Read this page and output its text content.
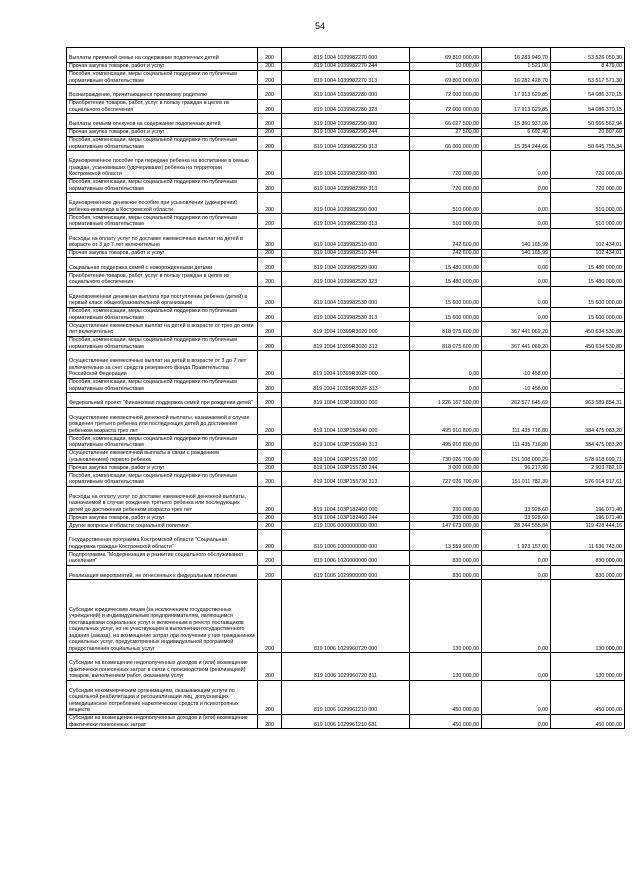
54
Выплаты приемной семье на содержание подопечных детей	200	819 1004 1039982270 000	69 810 000,00	16 283 949,70	53 526 050,30
Прочая закупка товаров, работ и услуг	200	819 1004 1039982270 244	10 000,00	1 521,00	8 479,00
Пособия, компенсации, меры социальной поддержки по публичным нормативным обязательствам	200	819 1004 1039982270 313	69 800 000,00	16 282 428,70	53 517 571,30
Вознаграждение, причитающееся приемному родителю	200	819 1004 1039982280 000	72 000 000,00	17 913 629,85	54 086 370,15
Приобретение товаров, работ, услуг в пользу граждан в целях их социального обеспечения	200	819 1004 1039982280 323	72 000 000,00	17 913 629,85	54 086 370,15
Выплаты семьям опекунов на содержание подопечных детей	200	819 1004 1039982290 000	66 027 500,00	15 360 937,06	50 666 562,94
Прочая закупка товаров, работ и услуг	200	819 1004 1039982290 244	27 500,00	6 692,40	20 807,60
Пособия, компенсации, меры социальной поддержки по публичным нормативным обязательствам	200	819 1004 1039982290 313	66 000 000,00	15 354 244,66	50 645 755,34
Единовременное пособие при передаче ребенка на воспитание в семью граждан, усыновивших (удочеривших) ребенка на территории Костромской области	200	819 1004 1039982360 000	720 000,00	0,00	720 000,00
Пособия, компенсации, меры социальной поддержки по публичным нормативным обязательствам	200	819 1004 1039982360 313	720 000,00	0,00	720 000,00
Единовременное денежное пособие при усыновлении (удочерении) ребенка-инвалида в Костромской области	200	819 1004 1039982390 000	510 000,00	0,00	510 000,00
Пособия, компенсации, меры социальной поддержки по публичным нормативным обязательствам	200	819 1004 1039982390 313	510 000,00	0,00	510 000,00
Расходы на оплату услуг по доставке ежемесячных выплат на детей в возрасте от 3 до 7 лет включительно	200	819 1004 1039982510 000	242 600,00	140 165,99	102 434,01
Прочая закупка товаров, работ и услуг	200	819 1004 1039982510 244	242 600,00	140 165,99	102 434,01
Социальная поддержка семей с новорожденными детьми	200	819 1004 1039982520 000	15 480 000,00	0,00	15 480 000,00
Приобретение товаров, работ, услуг в пользу граждан в целях их социального обеспечения	200	819 1004 1039982520 323	15 480 000,00	0,00	15 480 000,00
Единовременная денежная выплата при поступлении ребенка (детей) в первый класс общеобразовательной организации	200	819 1004 1039982530 000	15 600 000,00	0,00	15 600 000,00
Пособия, компенсации, меры социальной поддержки по публичным нормативным обязательствам	200	819 1004 1039982530 313	15 600 000,00	0,00	15 600 000,00
Осуществление ежемесячных выплат на детей в возрасте от трех до семи лет включительно	200	819 1004 10399R3020 000	818 075 600,00	367 441 069,20	450 634 530,80
Пособия, компенсации, меры социальной поддержки по публичным нормативным обязательствам	200	819 1004 10399R3020 313	818 075 600,00	367 441 069,20	450 634 530,80
Осуществление ежемесячных выплат на детей в возрасте от 3 до 7 лет включительно за счет средств резервного фонда Правительства Российской Федерации	200	819 1004 10399R302F 000	0,00	-10 458,00	-
Пособия, компенсации, меры социальной поддержки по публичным нормативным обязательствам	200	819 1004 10399R302F 313	0,00	-10 458,00	-
Федеральный проект "Финансовая поддержка семей при рождении детей"	200	819 1004 103P100000 000	1 226 167 500,00	262 577 645,69	963 589 854,31
Осуществление ежемесячной денежной выплаты, назначаемой в случае рождения третьего ребенка или последующих детей до достижения ребенком возраста трех лет	200	819 1004 103P150840 000	495 910 800,00	111 435 716,80	384 475 083,20
Пособия, компенсации, меры социальной поддержки по публичным нормативным обязательствам	200	819 1004 103P150840 313	495 910 800,00	111 435 716,80	384 475 083,20
Осуществление ежемесячной выплаты в связи с рождением (усыновлением) первого ребенка	200	819 1004 103P155730 000	730 026 700,00	151 108 000,29	578 918 699,71
Прочая закупка товаров, работ и услуг	200	819 1004 103P155730 244	3 000 000,00	96 217,90	2 903 782,10
Пособия, компенсации, меры социальной поддержки по публичным нормативным обязательствам	200	819 1004 103P155730 313	727 026 700,00	151 011 782,39	576 014 917,61
Расходы на оплату услуг по доставке ежемесячной денежной выплаты, назначаемой в случае рождения третьего ребенка или последующих детей до достижения ребенком возраста трех лет	200	819 1004 103P182460 000	230 000,00	33 928,60	196 071,40
Прочая закупка товаров, работ и услуг	200	819 1004 103P182460 244	230 000,00	33 928,60	196 071,40
Другие вопросы в области социальной политики	200	819 1006 0000000000 000	147 673 000,00	28 244 555,84	119 428 444,16
Государственная программа Костромской области "Социальная поддержка граждан Костромской области"	200	819 1006 1000000000 000	13 559 900,00	1 923 157,00	11 636 743,00
Подпрограмма "Модернизация и развитие социального обслуживания населения"	200	819 1006 1020000000 000	830 000,00	0,00	830 000,00
Реализация мероприятий, не отнесенных к федеральным проектам	200	819 1006 1029900000 000	830 000,00	0,00	830 000,00
Субсидии юридическим лицам (за исключением государственных учреждений) и индивидуальным предпринимателям, являющимся поставщиками социальных услуг и включенным в реестр поставщиков социальных услуг, но не участвующим в выполнении государственного задания (заказа), на возмещение затрат при получении у них гражданином социальных услуг, предусмотренных индивидуальной программой предоставления социальных услуг	200	819 1006 1029960720 000	130 000,00	0,00	130 000,00
Субсидии на возмещение недополученных доходов и (или) возмещение фактически понесенных затрат в связи с производством (реализацией) товаров, выполнением работ, оказанием услуг	200	819 1006 1029960720 811	130 000,00	0,00	130 000,00
Субсидии некоммерческим организациям, оказывающим услуги по социальной реабилитации и ресоциализации лиц, допускающих немедицинское потребление наркотических средств и психотропных веществ	200	819 1006 1029961210 000	450 000,00	0,00	450 000,00
Субсидии на возмещение недополученных доходов и (или) возмещение фактически понесенных затрат	200	819 1006 1029961210 631	450 000,00	0,00	450 000,00
